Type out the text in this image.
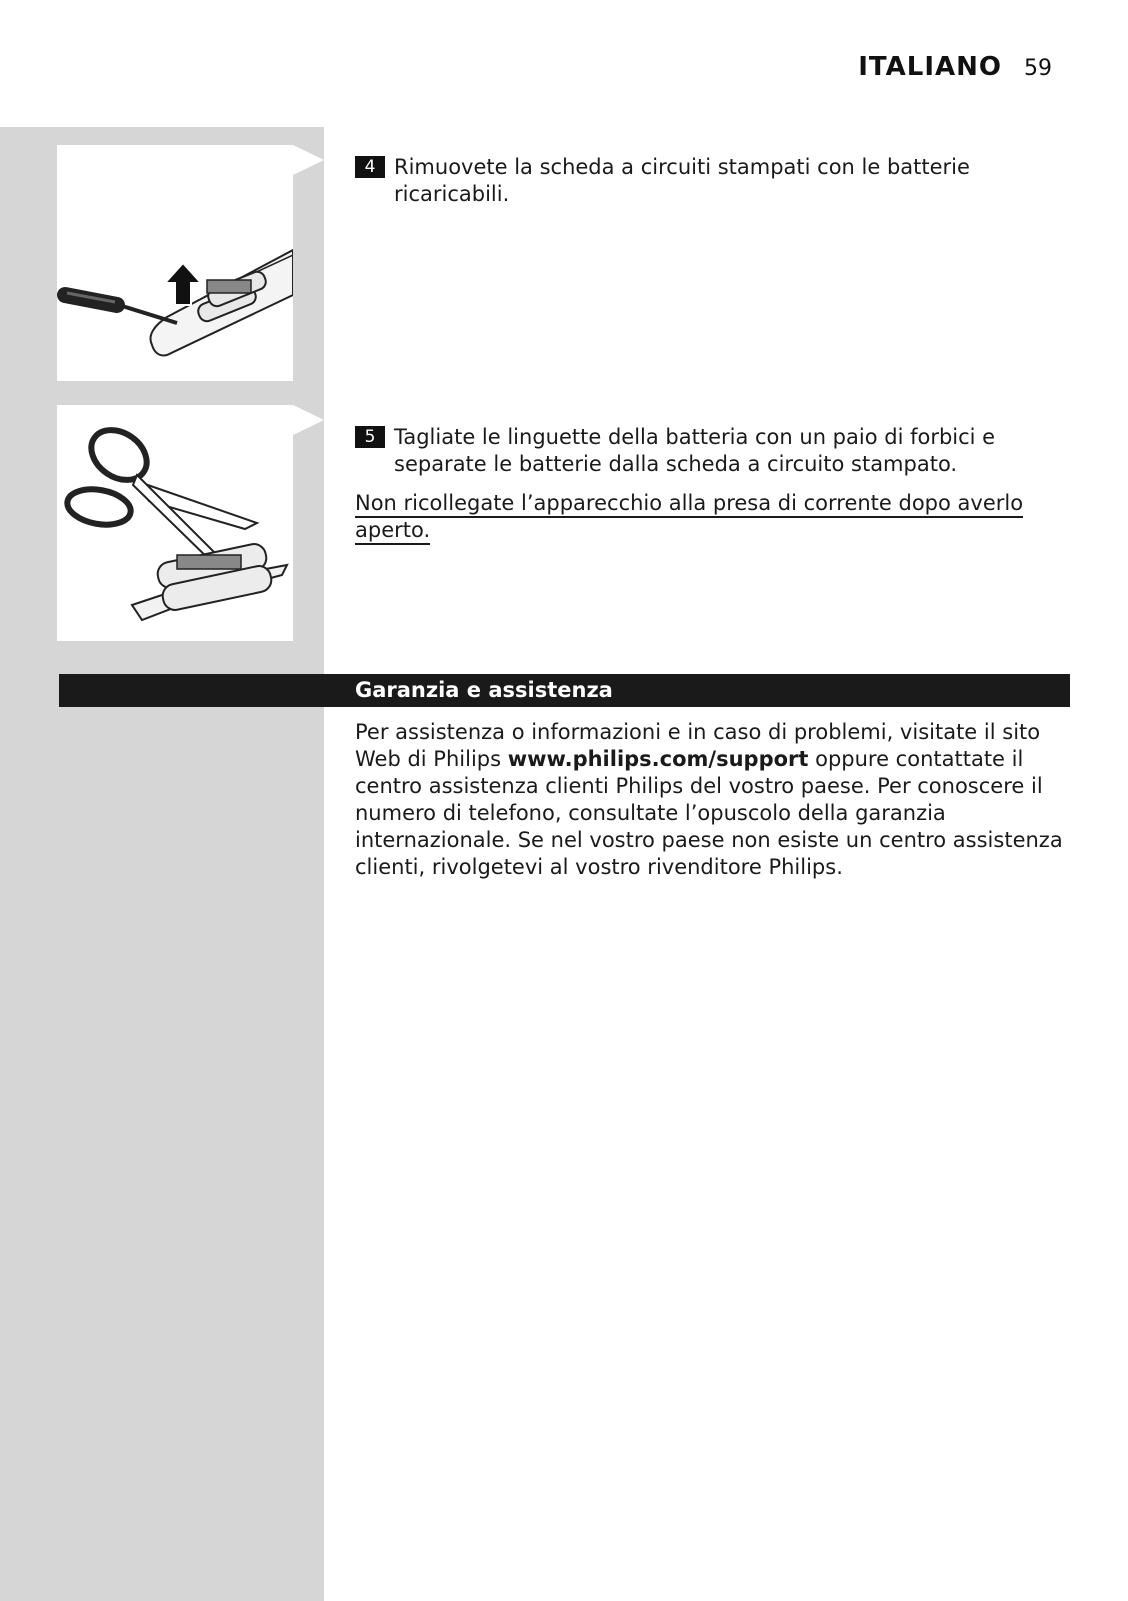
ITALIANO 59
4 Rimuovete la scheda a circuiti stampati con le batterie ricaricabili.
5 Tagliate le linguette della batteria con un paio di forbici e separate le batterie dalla scheda a circuito stampato.
Non ricollegate l’apparecchio alla presa di corrente dopo averlo aperto.
Garanzia e assistenza
Per assistenza o informazioni e in caso di problemi, visitate il sito Web di Philips www.philips.com/support oppure contattate il centro assistenza clienti Philips del vostro paese. Per conoscere il numero di telefono, consultate l’opuscolo della garanzia internazionale. Se nel vostro paese non esiste un centro assistenza clienti, rivolgetevi al vostro rivenditore Philips.
